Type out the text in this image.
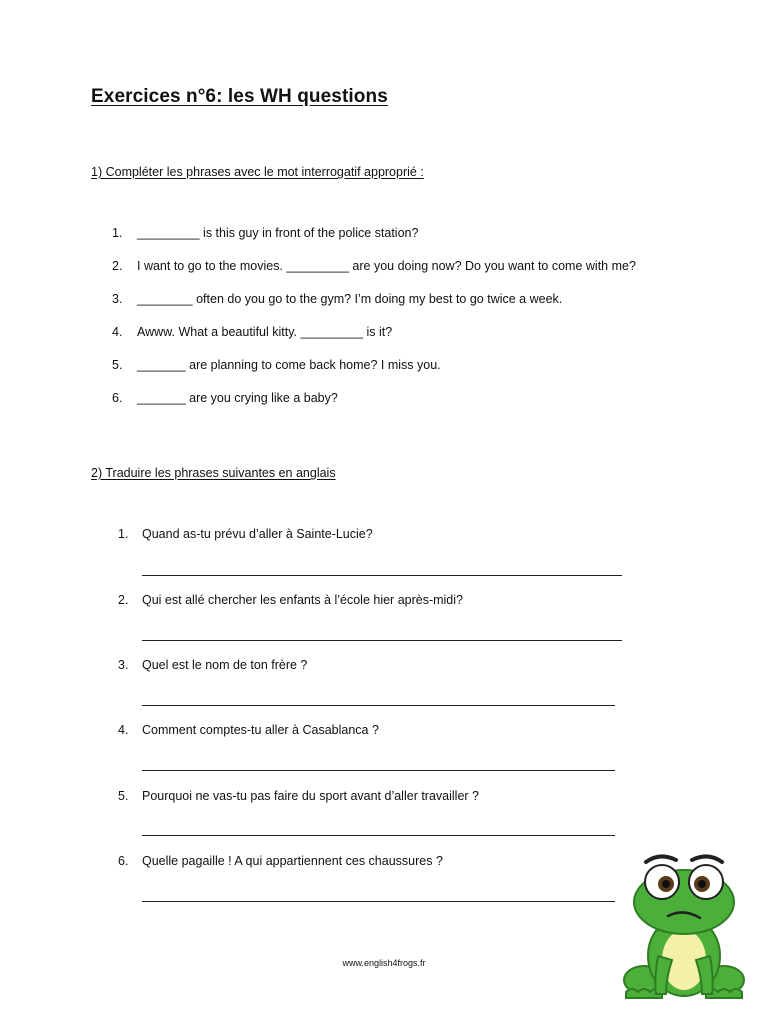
Exercices n°6: les WH questions
1) Compléter les phrases avec le mot interrogatif approprié :
1. _________ is this guy in front of the police station?
2. I want to go to the movies. _________ are you doing now? Do you want to come with me?
3. ________ often do you go to the gym? I’m doing my best to go twice a week.
4. Awww. What a beautiful kitty. _________ is it?
5. _______ are planning to come back home? I miss you.
6. _______ are you crying like a baby?
2) Traduire les phrases suivantes en anglais
1. Quand as-tu prévu d’aller à Sainte-Lucie?
2. Qui est allé chercher les enfants à l’école hier après-midi?
3. Quel est le nom de ton frère ?
4. Comment comptes-tu aller à Casablanca ?
5. Pourquoi ne vas-tu pas faire du sport avant d’aller travailler ?
6. Quelle pagaille ! A qui appartiennent ces chaussures ?
www.english4frogs.fr
